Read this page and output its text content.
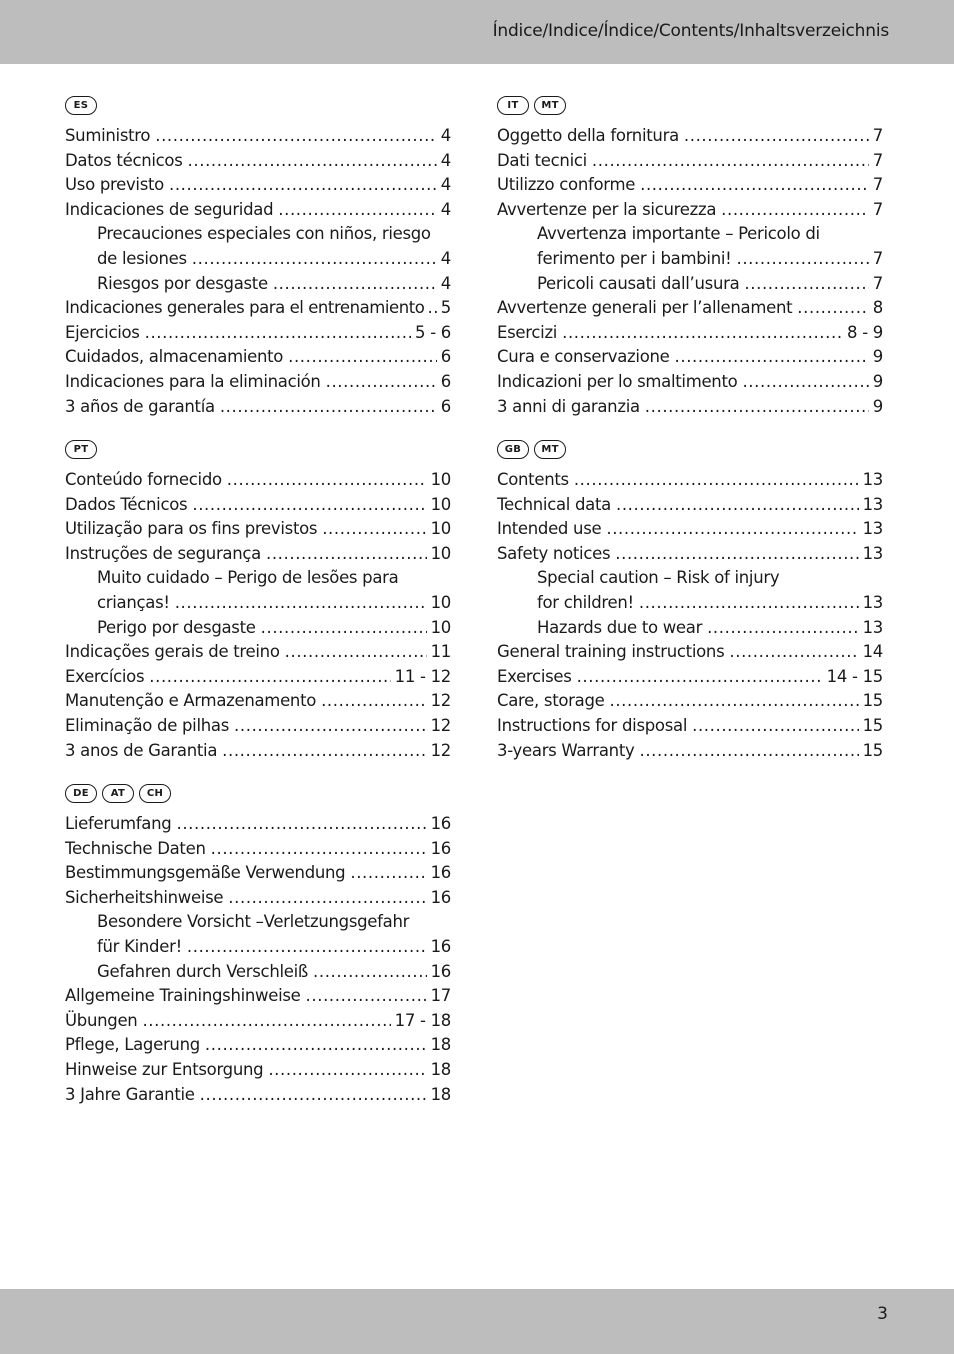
Índice/Indice/Índice/Contents/Inhaltsverzeichnis
ES
Suministro .....	4
Datos técnicos .....	4
Uso previsto .....	4
Indicaciones de seguridad .....	4
Precauciones especiales con niños, riesgo
de lesiones .....	4
Riesgos por desgaste .....	4
Indicaciones generales para el entrenamiento ..... 5
Ejercicios .....	5 - 6
Cuidados, almacenamiento .....	6
Indicaciones para la eliminación .....	6
3 años de garantía .....	6
PT
Conteúdo fornecido .....	10
Dados Técnicos .....	10
Utilização para os fins previstos .....	10
Instruções de segurança .....	10
Muito cuidado – Perigo de lesões para
crianças! .....	10
Perigo por desgaste .....	10
Indicações gerais de treino .....	11
Exercícios .....	11 - 12
Manutenção e Armazenamento .....	12
Eliminação de pilhas .....	12
3 anos de Garantia .....	12
DE	AT	CH
Lieferumfang .....	16
Technische Daten .....	16
Bestimmungsgemäße Verwendung .....	16
Sicherheitshinweise .....	16
Besondere Vorsicht –Verletzungsgefahr
für Kinder! .....	16
Gefahren durch Verschleiß .....	16
Allgemeine Trainingshinweise .....	17
Übungen .....	17 - 18
Pflege, Lagerung .....	18
Hinweise zur Entsorgung .....	18
3 Jahre Garantie .....	18
IT	MT
Oggetto della fornitura .....	7
Dati tecnici .....	7
Utilizzo conforme .....	7
Avvertenze per la sicurezza .....	7
Avvertenza importante – Pericolo di
ferimento per i bambini! .....	7
Pericoli causati dall’usura .....	7
Avvertenze generali per l’allenament .....	8
Esercizi .....	8 - 9
Cura e conservazione .....	9
Indicazioni per lo smaltimento .....	9
3 anni di garanzia .....	9
GB	MT
Contents .....	13
Technical data .....	13
Intended use .....	13
Safety notices .....	13
Special caution – Risk of injury
for children! .....	13
Hazards due to wear .....	13
General training instructions .....	14
Exercises .....	14 - 15
Care, storage .....	15
Instructions for disposal .....	15
3-years Warranty .....	15
3
